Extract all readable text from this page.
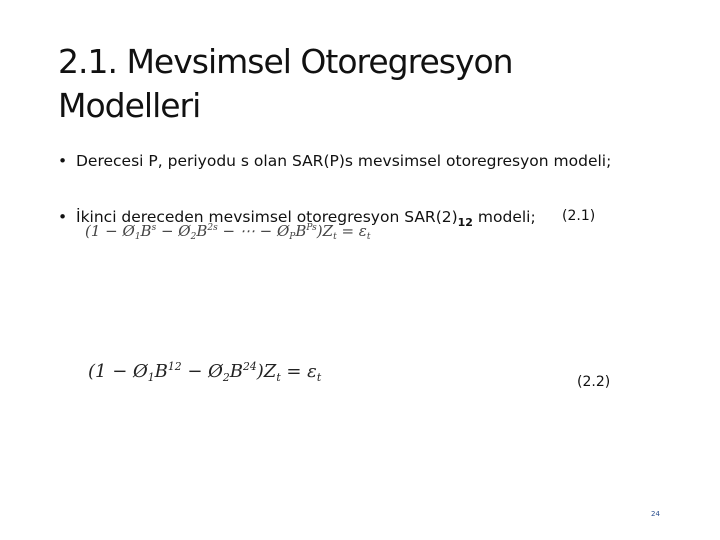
2.1. Mevsimsel Otoregresyon
Modelleri
• Derecesi P, periyodu s olan SAR(P)s mevsimsel otoregresyon modeli;
• İkinci dereceden mevsimsel otoregresyon $SAR(2)_{12}$ modeli;
($1 - Ø_1B^s$ − $Ø_2B^{2s}$ − ⋯ − $Ø_PB^{Ps})Z_t = \varepsilon_t$
(2.1)
($1 - Ø_1B^{12}$ − $Ø_2B^{24})Z_t = \varepsilon_t$	(2.2)
24
